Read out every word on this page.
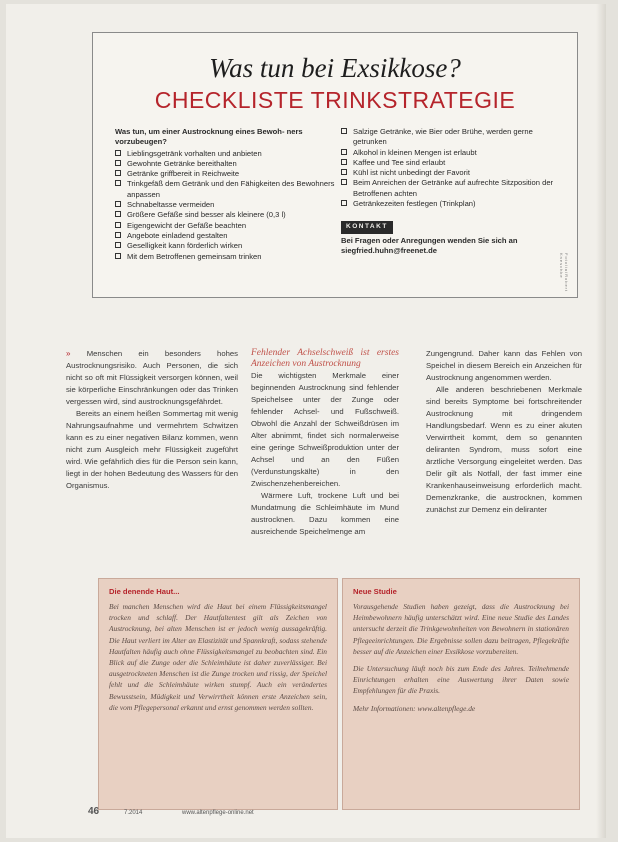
Was tun bei Exsikkose?
CHECKLISTE TRINKSTRATEGIE
Was tun, um einer Austrocknung eines Bewoh- ners vorzubeugen?
Lieblingsgetränk vorhalten und anbieten
Gewohnte Getränke bereithalten
Getränke griffbereit in Reichweite
Trinkgefäß dem Getränk und den Fähigkeiten des Bewohners anpassen
Schnabeltasse vermeiden
Größere Gefäße sind besser als kleinere (0,3 l)
Eigengewicht der Gefäße beachten
Angebote einladend gestalten
Geselligkeit kann förderlich wirken
Mit dem Betroffenen gemeinsam trinken
Salzige Getränke, wie Bier oder Brühe, werden gerne getrunken
Alkohol in kleinen Mengen ist erlaubt
Kaffee und Tee sind erlaubt
Kühl ist nicht unbedingt der Favorit
Beim Anreichen der Getränke auf aufrechte Sitzposition der Betroffenen achten
Getränkezeiten festlegen (Trinkplan)
KONTAKT
Bei Fragen oder Anregungen wenden Sie sich an siegfried.huhn@freenet.de
Fotolia/Robert Kneschke

» Menschen ein besonders hohes Austrocknungsrisiko. Auch Personen, die sich nicht so oft mit Flüssigkeit versorgen können, weil sie körperliche Einschränkungen oder das Trinken vergessen wird, sind austrocknungsgefährdet.

Bereits an einem heißen Sommertag mit wenig Nahrungsaufnahme und vermehrtem Schwitzen kann es zu einer negativen Bilanz kommen, wenn nicht zum Ausgleich mehr Flüssigkeit zugeführt wird. Wie gefährlich dies für die Person sein kann, liegt in der hohen Bedeutung des Wassers für den Organismus.

Fehlender Achselschweiß ist erstes Anzeichen von Austrocknung

Die wichtigsten Merkmale einer beginnenden Austrocknung sind fehlender Speichelsee unter der Zunge oder fehlender Achsel- und Fußschweiß. Obwohl die Anzahl der Schweißdrüsen im Alter abnimmt, findet sich normalerweise eine geringe Schweißproduktion unter der Achsel und an den Füßen (Verdunstungskälte) in den Zwischenzehenbereichen.

Wärmere Luft, trockene Luft und bei Mundatmung die Schleimhäute im Mund austrocknen. Dazu kommen eine ausreichende Speichelmenge am

Zungengrund. Daher kann das Fehlen von Speichel in diesem Bereich ein Anzeichen für Austrocknung angenommen werden.

Alle anderen beschriebenen Merkmale sind bereits Symptome bei fortschreitender Austrocknung mit dringendem Handlungsbedarf. Wenn es zu einer akuten Verwirrtheit kommt, dem so genannten deliranten Syndrom, muss sofort eine ärztliche Versorgung eingeleitet werden. Das Delir gilt als Notfall, der fast immer eine Krankenhauseinweisung erforderlich macht. Demenzkranke, die austrocknen, kommen zunächst zur Demenz ein deliranter

Die denende Haut...

Bei manchen Menschen wird die Haut bei einem Flüssigkeitsmangel trocken und schlaff. Der Hautfaltentest gilt als Zeichen von Austrocknung, bei alten Menschen ist er jedoch wenig aussagekräftig. Die Haut verliert im Alter an Elastizität und Spannkraft, sodass stehende Hautfalten häufig auch ohne Flüssigkeitsmangel zu beobachten sind. Ein Blick auf die Zunge oder die Schleimhäute ist daher zuverlässiger. Bei ausgetrockneten Menschen ist die Zunge trocken und rissig, der Speichel fehlt und die Schleimhäute wirken stumpf. Auch ein verändertes Bewusstsein, Müdigkeit und Verwirrtheit können erste Anzeichen sein, die vom Pflegepersonal erkannt und ernst genommen werden sollten.

Neue Studie

Vorausgehende Studien haben gezeigt, dass die Austrocknung bei Heimbewohnern häufig unterschätzt wird. Eine neue Studie des Landes untersucht derzeit die Trinkgewohnheiten von Bewohnern in stationären Pflegeeinrichtungen. Die Ergebnisse sollen dazu beitragen, Pflegekräfte besser auf die Anzeichen einer Exsikkose vorzubereiten.

Die Untersuchung läuft noch bis zum Ende des Jahres. Teilnehmende Einrichtungen erhalten eine Auswertung ihrer Daten sowie Empfehlungen für die Praxis.

Mehr Informationen: www.altenpflege.de

46	7.2014	www.altenpflege-online.net
